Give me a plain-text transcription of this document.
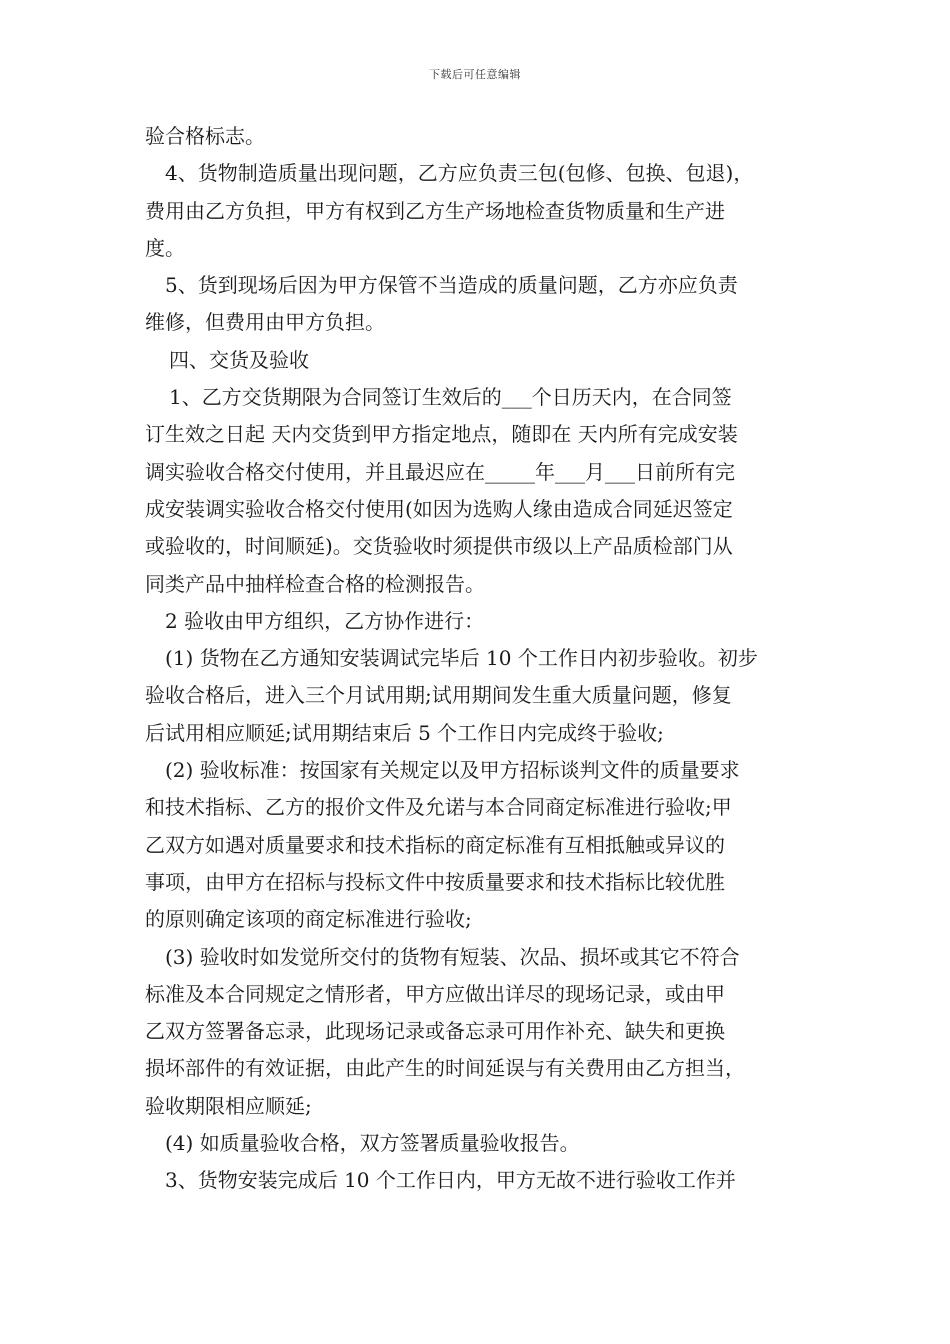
下载后可任意编辑
验合格标志。
4、货物制造质量出现问题，乙方应负责三包(包修、包换、包退)，
费用由乙方负担，甲方有权到乙方生产场地检查货物质量和生产进
度。
5、货到现场后因为甲方保管不当造成的质量问题，乙方亦应负责
维修，但费用由甲方负担。
四、交货及验收
1、乙方交货期限为合同签订生效后的___个日历天内，在合同签
订生效之日起 天内交货到甲方指定地点，随即在 天内所有完成安装
调实验收合格交付使用，并且最迟应在_____年___月___日前所有完
成安装调实验收合格交付使用(如因为选购人缘由造成合同延迟签定
或验收的，时间顺延)。交货验收时须提供市级以上产品质检部门从
同类产品中抽样检查合格的检测报告。
2 验收由甲方组织，乙方协作进行：
(1) 货物在乙方通知安装调试完毕后 10 个工作日内初步验收。初步
验收合格后，进入三个月试用期;试用期间发生重大质量问题，修复
后试用相应顺延;试用期结束后 5 个工作日内完成终于验收;
(2) 验收标准：按国家有关规定以及甲方招标谈判文件的质量要求
和技术指标、乙方的报价文件及允诺与本合同商定标准进行验收;甲
乙双方如遇对质量要求和技术指标的商定标准有互相抵触或异议的
事项，由甲方在招标与投标文件中按质量要求和技术指标比较优胜
的原则确定该项的商定标准进行验收;
(3) 验收时如发觉所交付的货物有短装、次品、损坏或其它不符合
标准及本合同规定之情形者，甲方应做出详尽的现场记录，或由甲
乙双方签署备忘录，此现场记录或备忘录可用作补充、缺失和更换
损坏部件的有效证据，由此产生的时间延误与有关费用由乙方担当，
验收期限相应顺延;
(4) 如质量验收合格，双方签署质量验收报告。
3、货物安装完成后 10 个工作日内，甲方无故不进行验收工作并
